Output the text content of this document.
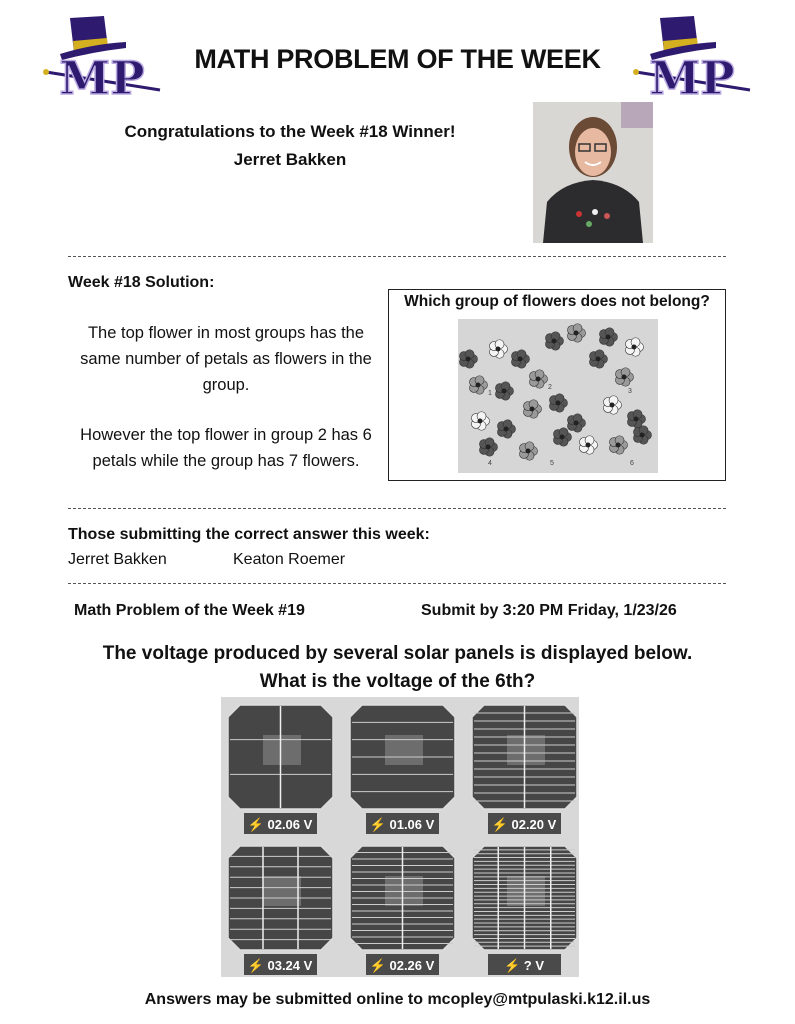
MP	MP
MATH PROBLEM OF THE WEEK
Congratulations to the Week #18 Winner!
Jerret Bakken
Week #18 Solution:
The top flower in most groups has the same number of petals as flowers in the group.
However the top flower in group 2 has 6 petals while the group has 7 flowers.
Which group of flowers does not belong?
1
2
3
4	5	6
Those submitting the correct answer this week:
Jerret Bakken	Keaton Roemer
Math Problem of the Week #19	Submit by 3:20 PM Friday, 1/23/26
The voltage produced by several solar panels is displayed below.
What is the voltage of the 6th?
⚡ 02.06 V	⚡ 01.06 V	⚡ 02.20 V
⚡ 03.24 V	⚡ 02.26 V	⚡ ? V
Answers may be submitted online to mcopley@mtpulaski.k12.il.us
